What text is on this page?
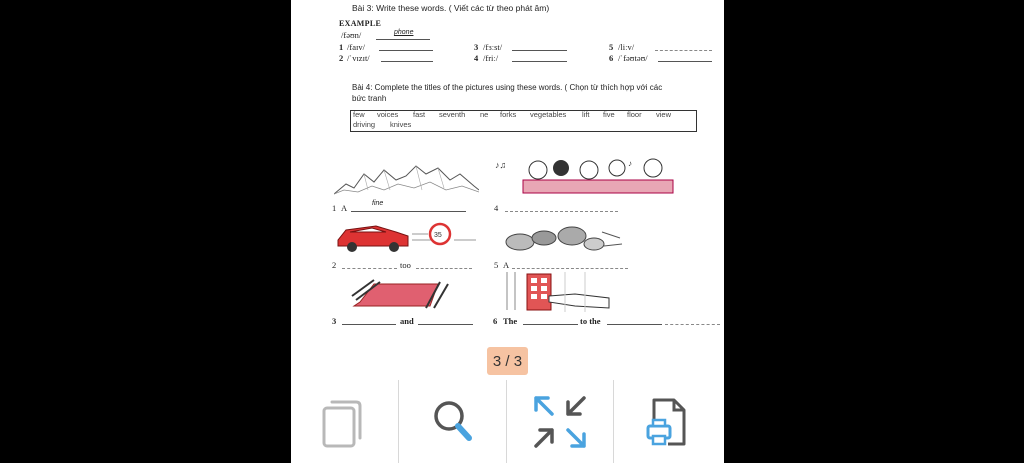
Bài 3: Write these words. ( Viết các từ theo phát âm)
EXAMPLE
/fəʊn/	phone
1 /faɪv/
2 /ˈvɪzɪt/
3 /fɜːst/
4 /friː/
5 /liːv/
6 /ˈfəʊtəʊ/
Bài 4: Complete the titles of the pictures using these words. ( Chọn từ thích hợp với các
bức tranh
few voices fast seventh ne forks vegetables lift five floor view
driving knives
1 A	fine
♪♫	♪
4
35
2	too	5 A
3	and	6 The	to the
3 / 3
